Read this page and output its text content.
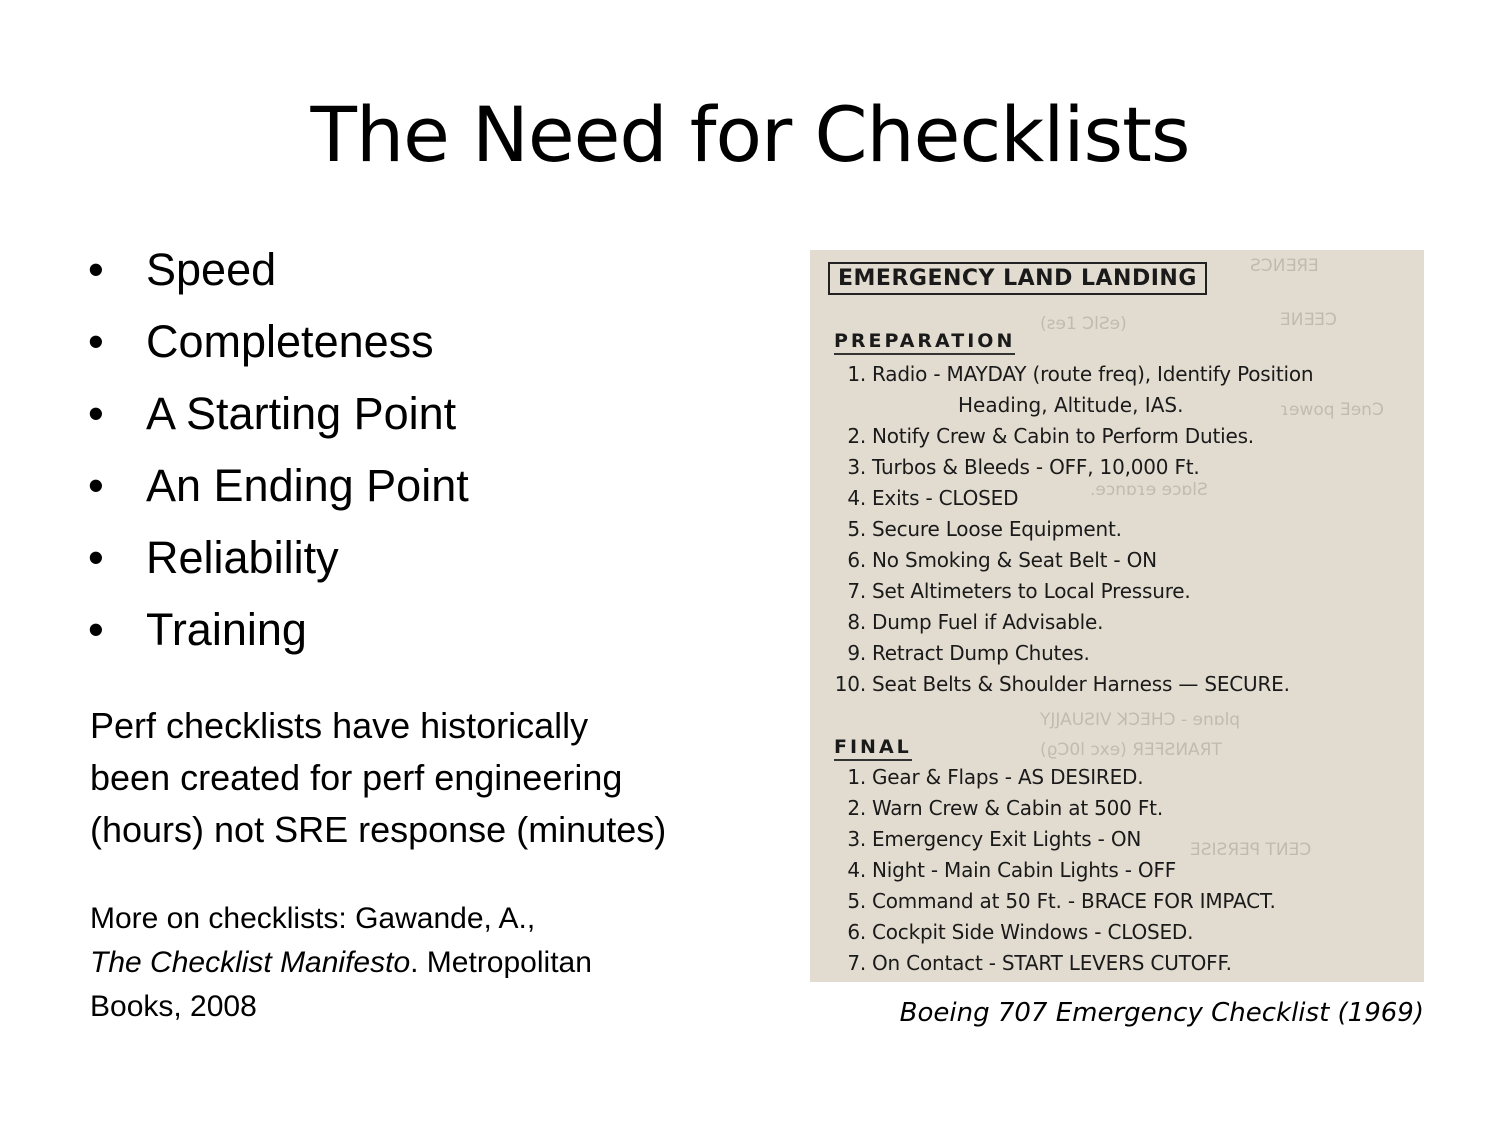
The Need for Checklists
• Speed
• Completeness
• A Starting Point
• An Ending Point
• Reliability
• Training

Perf checklists have historically
been created for perf engineering
(hours) not SRE response (minutes)

More on checklists: Gawande, A.,
The Checklist Manifesto. Metropolitan
Books, 2008

ƧƆИ∃ЯƎ
(ƨɘ1 ϽlƧɘ)	ƎИ∃ƎƆ
ɿɘwoq ƎɘnƆ
.ɘɔnɒɿɘ ɘɔɒlƧ
YJJAUƧIV ꓘƆƎHƆ - ɘnɒlq
(ϱƆ0l ɔxɘ) ЯƎꟻƧИAЯT
ƎƧIƧЯƎꟼ TИƎƆ
EMERGENCY LAND LANDING
PREPARATION
1. Radio - MAYDAY (route freq), Identify Position
Heading, Altitude, IAS.
2. Notify Crew & Cabin to Perform Duties.
3. Turbos & Bleeds - OFF, 10,000 Ft.
4. Exits - CLOSED
5. Secure Loose Equipment.
6. No Smoking & Seat Belt - ON
7. Set Altimeters to Local Pressure.
8. Dump Fuel if Advisable.
9. Retract Dump Chutes.
10. Seat Belts & Shoulder Harness — SECURE.
FINAL
1. Gear & Flaps - AS DESIRED.
2. Warn Crew & Cabin at 500 Ft.
3. Emergency Exit Lights - ON
4. Night - Main Cabin Lights - OFF
5. Command at 50 Ft. - BRACE FOR IMPACT.
6. Cockpit Side Windows - CLOSED.
7. On Contact - START LEVERS CUTOFF.

Boeing 707 Emergency Checklist (1969)
